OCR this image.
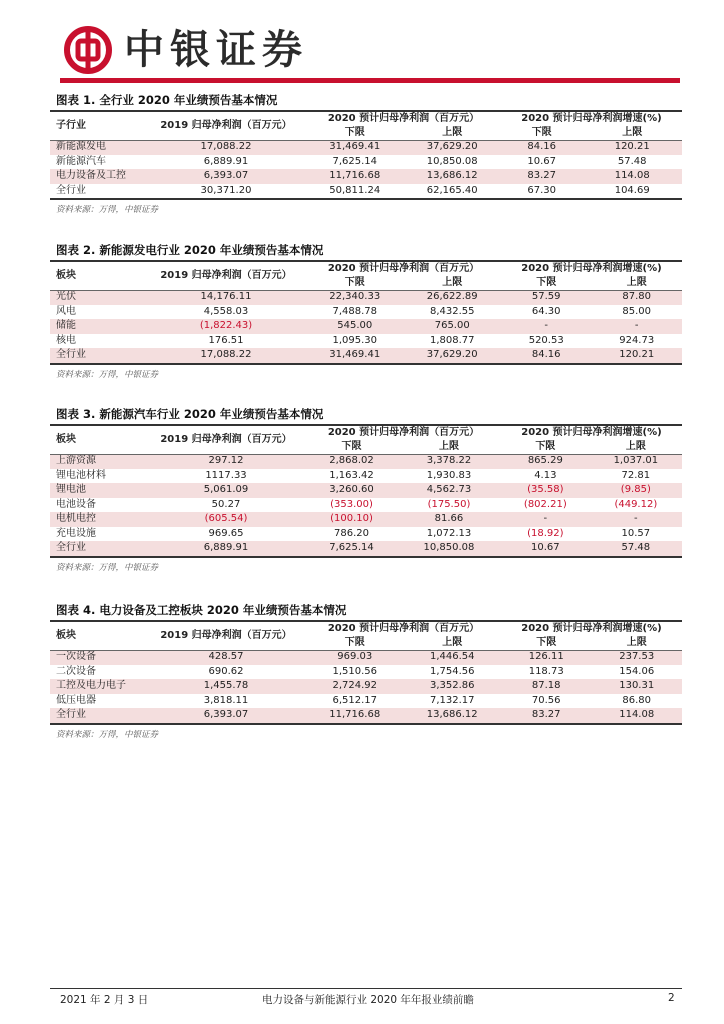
中银证券
图表 1. 全行业 2020 年业绩预告基本情况
子行业	2019 归母净利润（百万元）	2020 预计归母净利润（百万元）		2020 预计归母净利润增速(%)	
		下限	上限	下限	上限
新能源发电	17,088.22	31,469.41	37,629.20	84.16	120.21
新能源汽车	6,889.91	7,625.14	10,850.08	10.67	57.48
电力设备及工控	6,393.07	11,716.68	13,686.12	83.27	114.08
全行业	30,371.20	50,811.24	62,165.40	67.30	104.69
资料来源：万得，中银证券
图表 2. 新能源发电行业 2020 年业绩预告基本情况
板块	2019 归母净利润（百万元）	2020 预计归母净利润（百万元）		2020 预计归母净利润增速(%)	
		下限	上限	下限	上限
光伏	14,176.11	22,340.33	26,622.89	57.59	87.80
风电	4,558.03	7,488.78	8,432.55	64.30	85.00
储能	(1,822.43)	545.00	765.00	-	-
核电	176.51	1,095.30	1,808.77	520.53	924.73
全行业	17,088.22	31,469.41	37,629.20	84.16	120.21
资料来源：万得，中银证券
图表 3. 新能源汽车行业 2020 年业绩预告基本情况
板块	2019 归母净利润（百万元）	2020 预计归母净利润（百万元）		2020 预计归母净利润增速(%)	
		下限	上限	下限	上限
上游资源	297.12	2,868.02	3,378.22	865.29	1,037.01
锂电池材料	1117.33	1,163.42	1,930.83	4.13	72.81
锂电池	5,061.09	3,260.60	4,562.73	(35.58)	(9.85)
电池设备	50.27	(353.00)	(175.50)	(802.21)	(449.12)
电机电控	(605.54)	(100.10)	81.66	-	-
充电设施	969.65	786.20	1,072.13	(18.92)	10.57
全行业	6,889.91	7,625.14	10,850.08	10.67	57.48
资料来源：万得，中银证券
图表 4. 电力设备及工控板块 2020 年业绩预告基本情况
板块	2019 归母净利润（百万元）	2020 预计归母净利润（百万元）		2020 预计归母净利润增速(%)	
		下限	上限	下限	上限
一次设备	428.57	969.03	1,446.54	126.11	237.53
二次设备	690.62	1,510.56	1,754.56	118.73	154.06
工控及电力电子	1,455.78	2,724.92	3,352.86	87.18	130.31
低压电器	3,818.11	6,512.17	7,132.17	70.56	86.80
全行业	6,393.07	11,716.68	13,686.12	83.27	114.08
资料来源：万得，中银证券
2021 年 2 月 3 日	电力设备与新能源行业 2020 年年报业绩前瞻	2
